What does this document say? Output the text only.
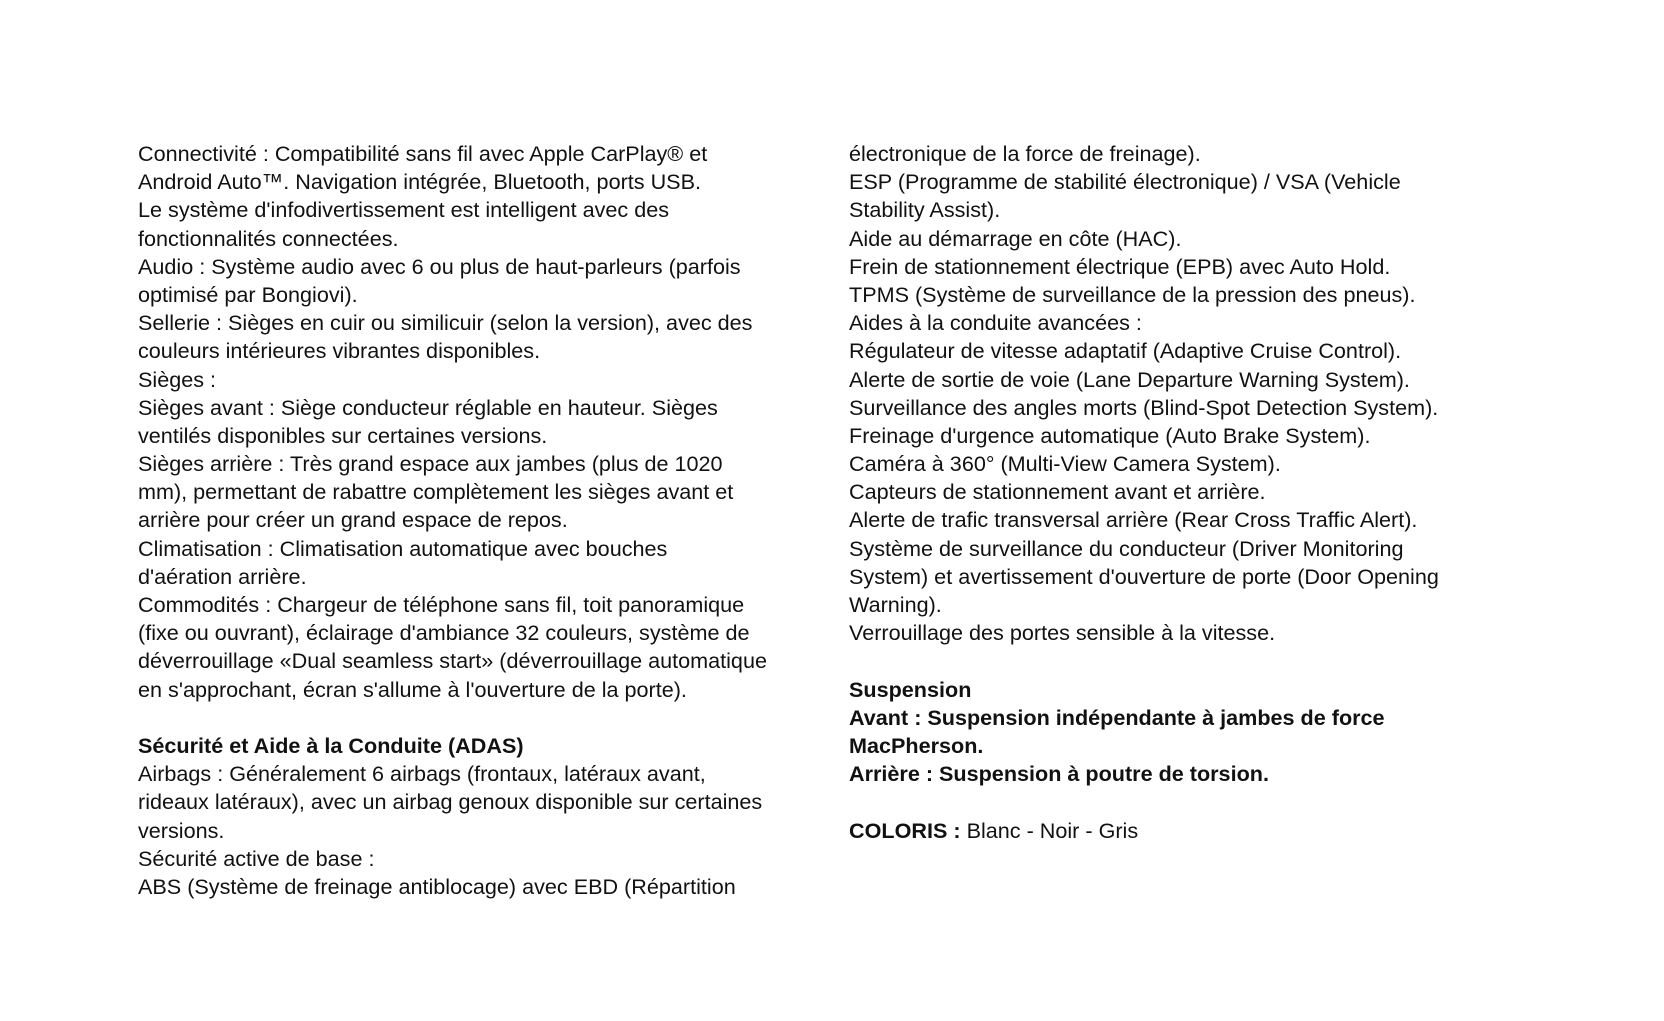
Connectivité : Compatibilité sans fil avec Apple CarPlay® et
Android Auto™. Navigation intégrée, Bluetooth, ports USB.
Le système d'infodivertissement est intelligent avec des
fonctionnalités connectées.
Audio : Système audio avec 6 ou plus de haut-parleurs (parfois
optimisé par Bongiovi).
Sellerie : Sièges en cuir ou similicuir (selon la version), avec des
couleurs intérieures vibrantes disponibles.
Sièges :
Sièges avant : Siège conducteur réglable en hauteur. Sièges
ventilés disponibles sur certaines versions.
Sièges arrière : Très grand espace aux jambes (plus de 1020
mm), permettant de rabattre complètement les sièges avant et
arrière pour créer un grand espace de repos.
Climatisation : Climatisation automatique avec bouches
d'aération arrière.
Commodités : Chargeur de téléphone sans fil, toit panoramique
(fixe ou ouvrant), éclairage d'ambiance 32 couleurs, système de
déverrouillage «Dual seamless start» (déverrouillage automatique
en s'approchant, écran s'allume à l'ouverture de la porte).
Sécurité et Aide à la Conduite (ADAS)
Airbags : Généralement 6 airbags (frontaux, latéraux avant,
rideaux latéraux), avec un airbag genoux disponible sur certaines
versions.
Sécurité active de base :
ABS (Système de freinage antiblocage) avec EBD (Répartition
électronique de la force de freinage).
ESP (Programme de stabilité électronique) / VSA (Vehicle
Stability Assist).
Aide au démarrage en côte (HAC).
Frein de stationnement électrique (EPB) avec Auto Hold.
TPMS (Système de surveillance de la pression des pneus).
Aides à la conduite avancées :
Régulateur de vitesse adaptatif (Adaptive Cruise Control).
Alerte de sortie de voie (Lane Departure Warning System).
Surveillance des angles morts (Blind-Spot Detection System).
Freinage d'urgence automatique (Auto Brake System).
Caméra à 360° (Multi-View Camera System).
Capteurs de stationnement avant et arrière.
Alerte de trafic transversal arrière (Rear Cross Traffic Alert).
Système de surveillance du conducteur (Driver Monitoring
System) et avertissement d'ouverture de porte (Door Opening
Warning).
Verrouillage des portes sensible à la vitesse.
Suspension
Avant : Suspension indépendante à jambes de force
MacPherson.
Arrière : Suspension à poutre de torsion.
COLORIS : Blanc - Noir - Gris
